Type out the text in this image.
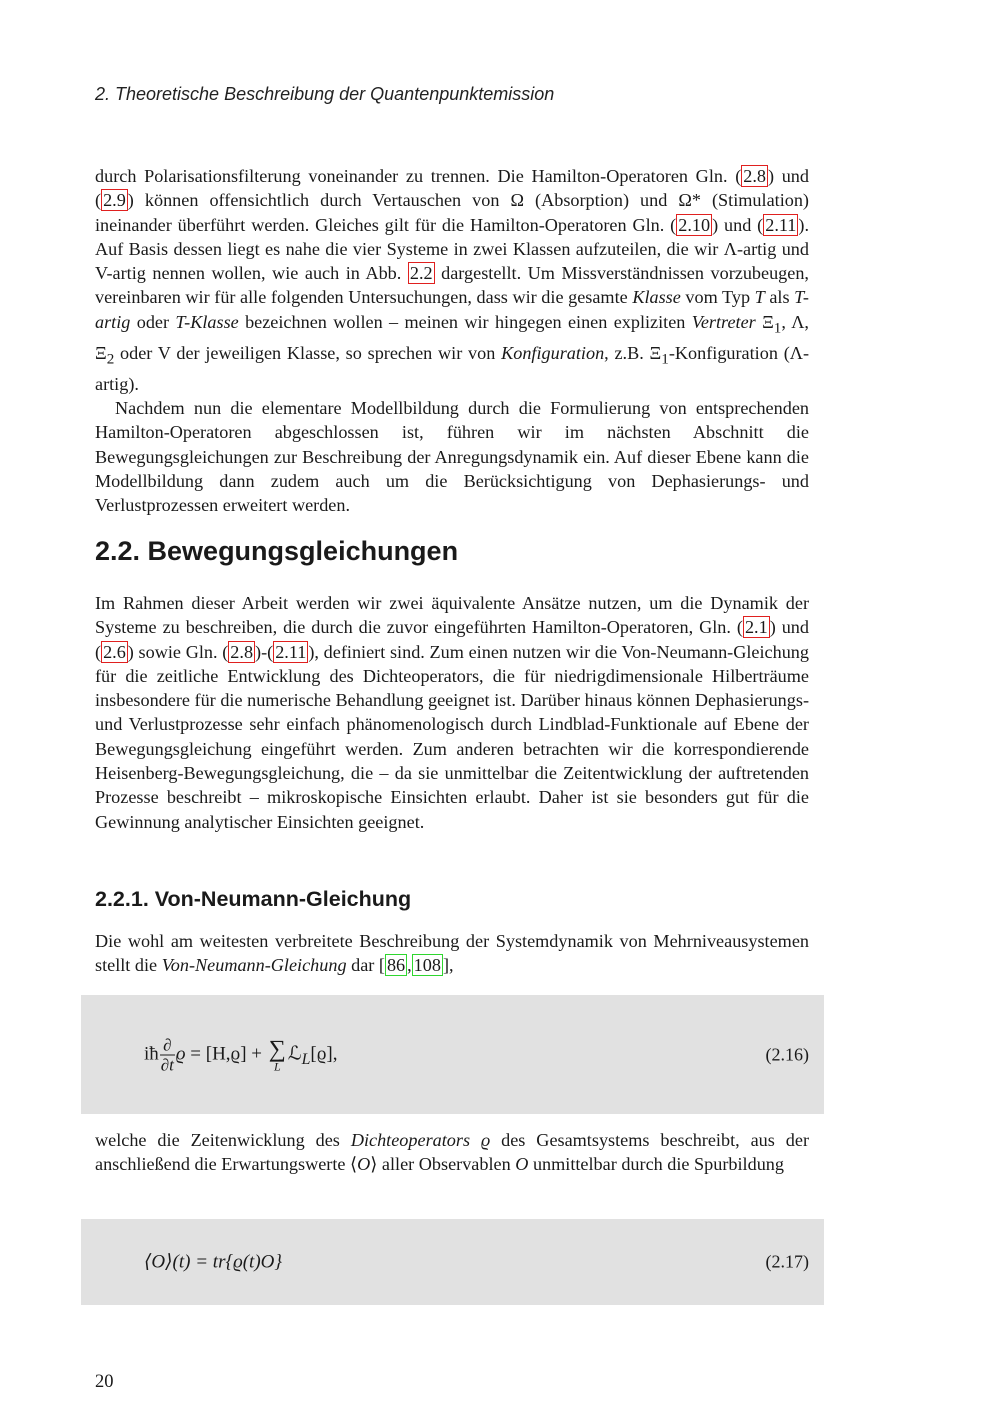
2. Theoretische Beschreibung der Quantenpunktemission

durch Polarisationsfilterung voneinander zu trennen. Die Hamilton-Operatoren Gln. ( 2.8 ) und ( 2.9 ) können offensichtlich durch Vertauschen von Ω (Absorption) und Ω* (Stimulation) ineinander überführt werden. Gleiches gilt für die Hamilton-Operatoren Gln. ( 2.10 ) und ( 2.11 ). Auf Basis dessen liegt es nahe die vier Systeme in zwei Klassen aufzuteilen, die wir Λ-artig und V-artig nennen wollen, wie auch in Abb. 2.2 dargestellt. Um Missverständnissen vorzubeugen, vereinbaren wir für alle folgenden Untersuchungen, dass wir die gesamte Klasse vom Typ T als T-artig oder T-Klasse bezeichnen wollen – meinen wir hingegen einen expliziten Vertreter $\Xi_1$, Λ, $\Xi_2$ oder V der jeweiligen Klasse, so sprechen wir von Konfiguration, z.B. $\Xi_1$-Konfiguration (Λ-artig).

Nachdem nun die elementare Modellbildung durch die Formulierung von entsprechenden Hamilton-Operatoren abgeschlossen ist, führen wir im nächsten Abschnitt die Bewegungsgleichungen zur Beschreibung der Anregungsdynamik ein. Auf dieser Ebene kann die Modellbildung dann zudem auch um die Berücksichtigung von Dephasierungs- und Verlustprozessen erweitert werden.

2.2. Bewegungsgleichungen

Im Rahmen dieser Arbeit werden wir zwei äquivalente Ansätze nutzen, um die Dynamik der Systeme zu beschreiben, die durch die zuvor eingeführten Hamilton-Operatoren, Gln. ( 2.1 ) und ( 2.6 ) sowie Gln. ( 2.8 )-( 2.11 ), definiert sind. Zum einen nutzen wir die Von-Neumann-Gleichung für die zeitliche Entwicklung des Dichteoperators, die für niedrigdimensionale Hilberträume insbesondere für die numerische Behandlung geeignet ist. Darüber hinaus können Dephasierungs- und Verlustprozesse sehr einfach phänomenologisch durch Lindblad-Funktionale auf Ebene der Bewegungsgleichung eingeführt werden. Zum anderen betrachten wir die korrespondierende Heisenberg-Bewegungsgleichung, die – da sie unmittelbar die Zeitentwicklung der auftretenden Prozesse beschreibt – mikroskopische Einsichten erlaubt. Daher ist sie besonders gut für die Gewinnung analytischer Einsichten geeignet.

2.2.1. Von-Neumann-Gleichung

Die wohl am weitesten verbreitete Beschreibung der Systemdynamik von Mehrniveausystemen stellt die Von-Neumann-Gleichung dar [ 86 , 108 ],

iħ $\frac{\partial}{\partial t}$ ϱ = [H,ϱ] + ∑
L
ℒ$_L$[ϱ],	(2.16)

welche die Zeitenwicklung des Dichteoperators ϱ des Gesamtsystems beschreibt, aus der anschließend die Erwartungswerte ⟨O⟩ aller Observablen O unmittelbar durch die Spurbildung

⟨O⟩(t) = tr{ϱ(t)O}	(2.17)
20
